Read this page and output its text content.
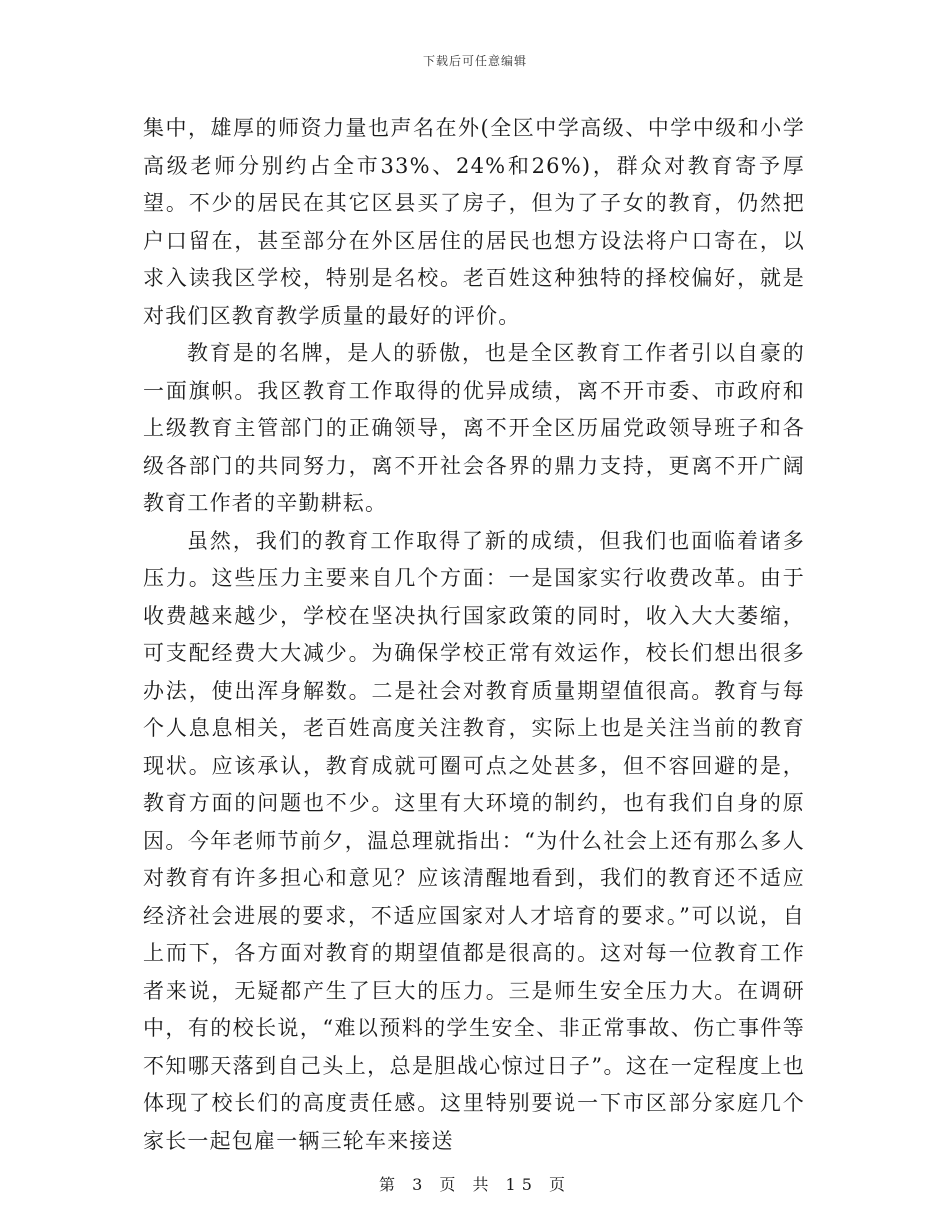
下载后可任意编辑

集中，雄厚的师资力量也声名在外(全区中学高级、中学中级和小学高级老师分别约占全市33%、24%和26%)，群众对教育寄予厚望。不少的居民在其它区县买了房子，但为了子女的教育，仍然把户口留在，甚至部分在外区居住的居民也想方设法将户口寄在，以求入读我区学校，特别是名校。老百姓这种独特的择校偏好，就是对我们区教育教学质量的最好的评价。

教育是的名牌，是人的骄傲，也是全区教育工作者引以自豪的一面旗帜。我区教育工作取得的优异成绩，离不开市委、市政府和上级教育主管部门的正确领导，离不开全区历届党政领导班子和各级各部门的共同努力，离不开社会各界的鼎力支持，更离不开广阔教育工作者的辛勤耕耘。

虽然，我们的教育工作取得了新的成绩，但我们也面临着诸多压力。这些压力主要来自几个方面：一是国家实行收费改革。由于收费越来越少，学校在坚决执行国家政策的同时，收入大大萎缩，可支配经费大大减少。为确保学校正常有效运作，校长们想出很多办法，使出浑身解数。二是社会对教育质量期望值很高。教育与每个人息息相关，老百姓高度关注教育，实际上也是关注当前的教育现状。应该承认，教育成就可圈可点之处甚多，但不容回避的是，教育方面的问题也不少。这里有大环境的制约，也有我们自身的原因。今年老师节前夕，温总理就指出：“为什么社会上还有那么多人对教育有许多担心和意见？应该清醒地看到，我们的教育还不适应经济社会进展的要求，不适应国家对人才培育的要求。”可以说，自上而下，各方面对教育的期望值都是很高的。这对每一位教育工作者来说，无疑都产生了巨大的压力。三是师生安全压力大。在调研中，有的校长说，“难以预料的学生安全、非正常事故、伤亡事件等不知哪天落到自己头上，总是胆战心惊过日子”。这在一定程度上也体现了校长们的高度责任感。这里特别要说一下市区部分家庭几个家长一起包雇一辆三轮车来接送

第 3 页 共 15 页
